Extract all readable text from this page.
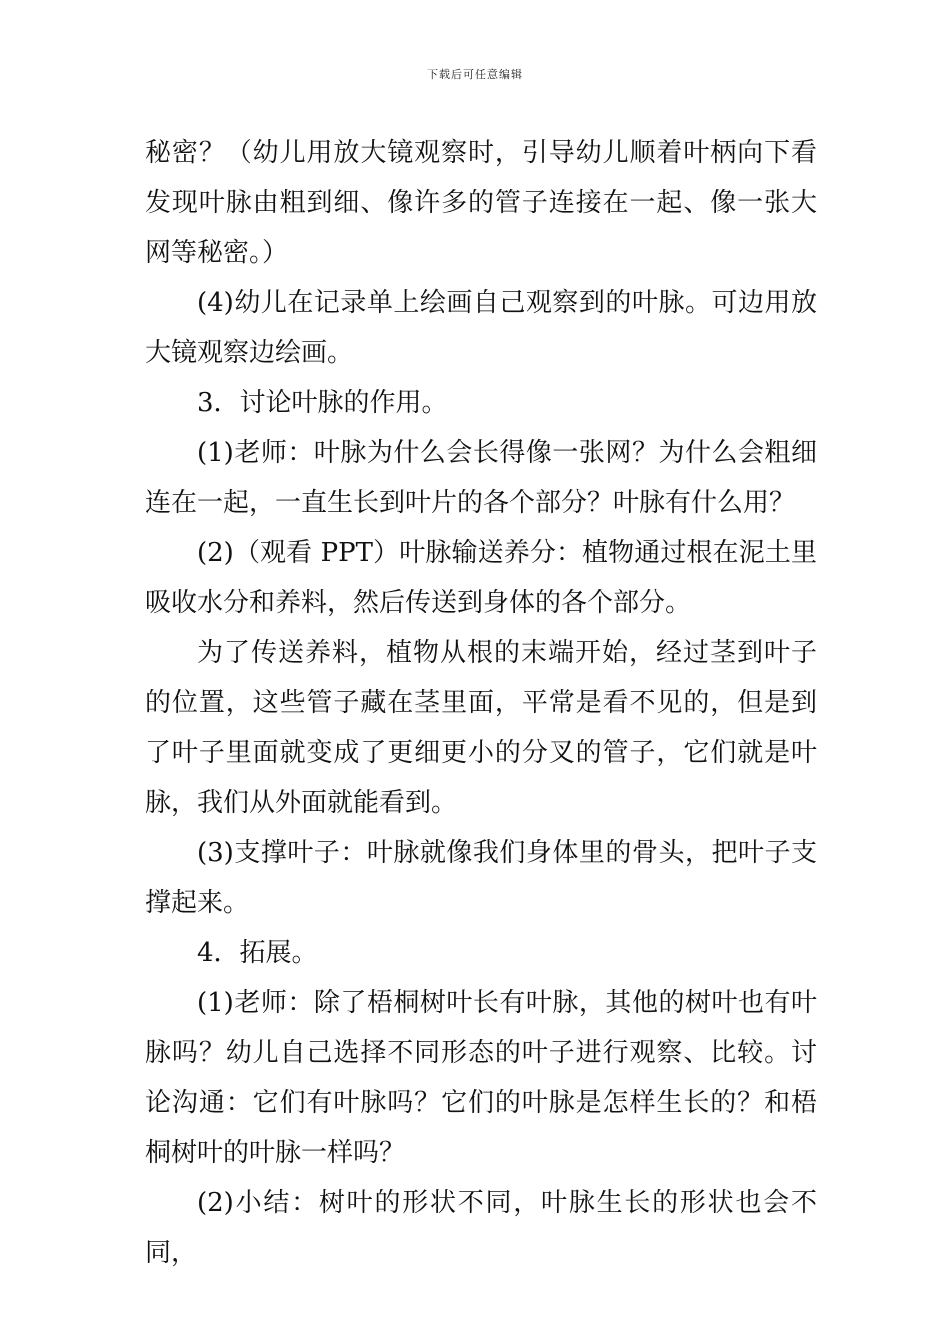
下载后可任意编辑

秘密？（幼儿用放大镜观察时，引导幼儿顺着叶柄向下看发现叶脉由粗到细、像许多的管子连接在一起、像一张大网等秘密。）

(4)幼儿在记录单上绘画自己观察到的叶脉。可边用放大镜观察边绘画。

3．讨论叶脉的作用。

(1)老师：叶脉为什么会长得像一张网？为什么会粗细连在一起，一直生长到叶片的各个部分？叶脉有什么用？

(2)（观看 PPT）叶脉输送养分：植物通过根在泥土里吸收水分和养料，然后传送到身体的各个部分。

为了传送养料，植物从根的末端开始，经过茎到叶子的位置，这些管子藏在茎里面，平常是看不见的，但是到了叶子里面就变成了更细更小的分叉的管子，它们就是叶脉，我们从外面就能看到。

(3)支撑叶子：叶脉就像我们身体里的骨头，把叶子支撑起来。

4．拓展。

(1)老师：除了梧桐树叶长有叶脉，其他的树叶也有叶脉吗？幼儿自己选择不同形态的叶子进行观察、比较。讨论沟通：它们有叶脉吗？它们的叶脉是怎样生长的？和梧桐树叶的叶脉一样吗？

(2)小结：树叶的形状不同，叶脉生长的形状也会不同，
